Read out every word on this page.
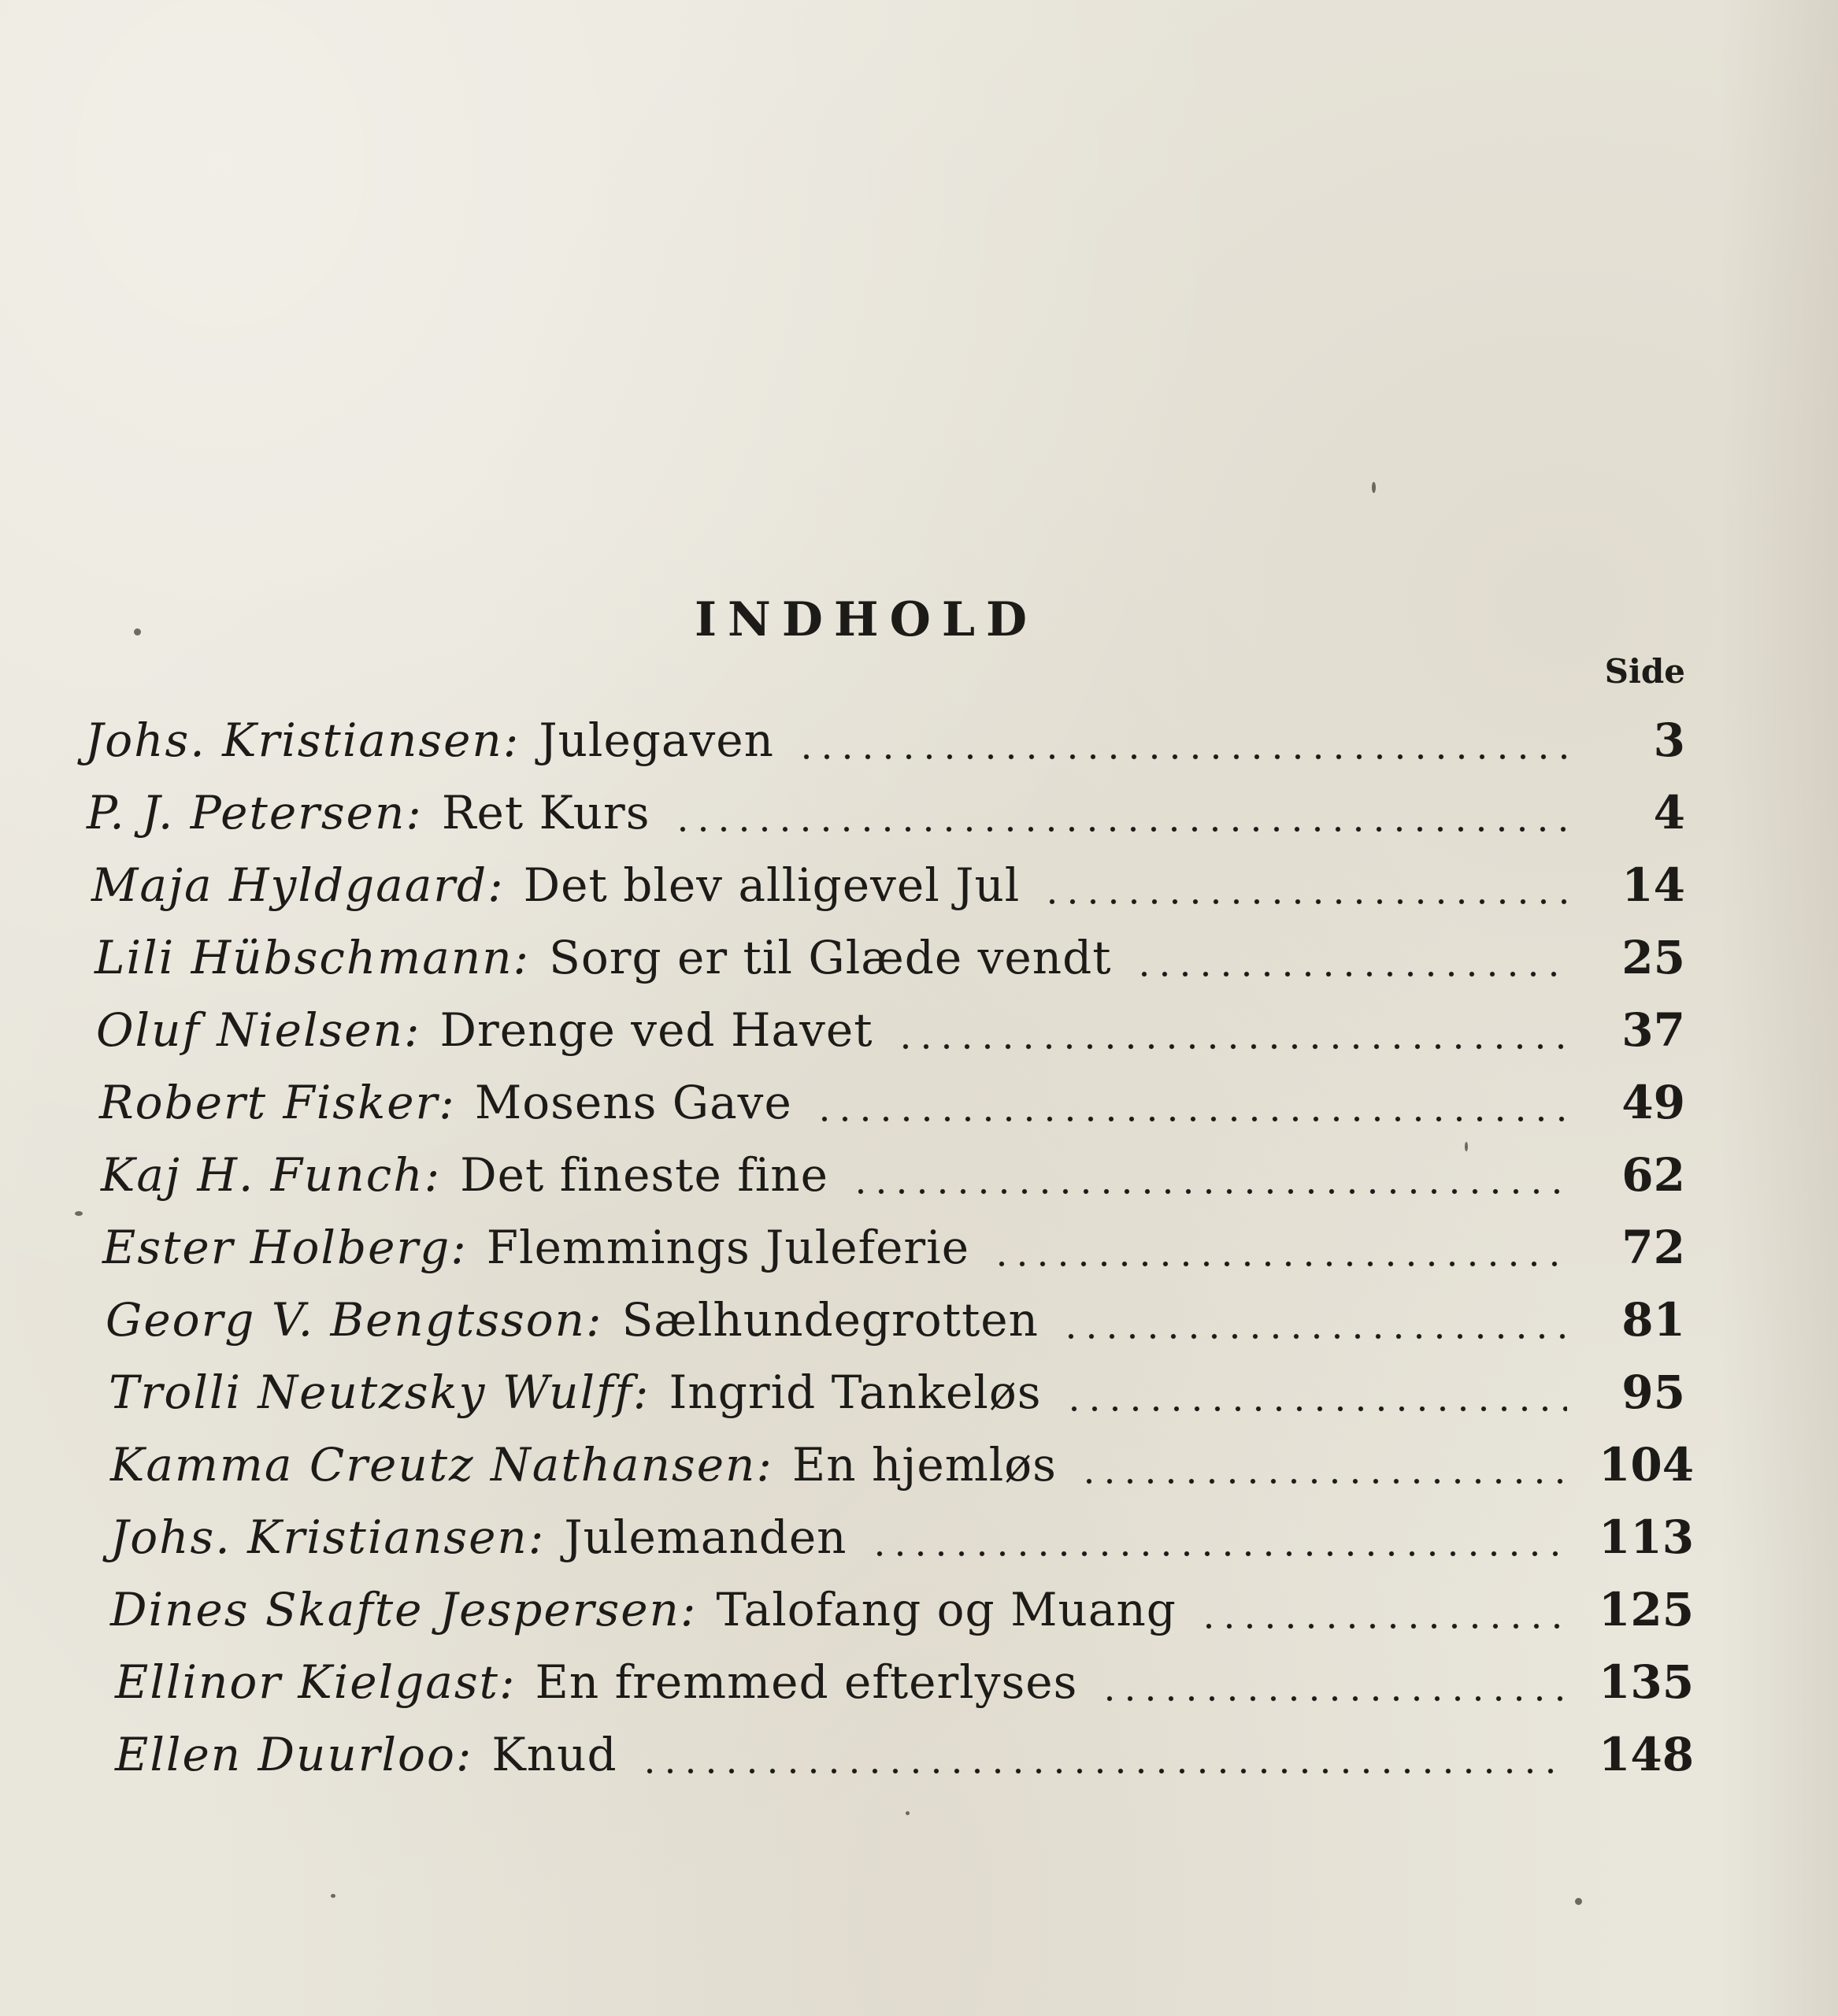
INDHOLD
Side
Johs. Kristiansen: Julegaven	3
P. J. Petersen: Ret Kurs	4
Maja Hyldgaard: Det blev alligevel Jul	14
Lili Hübschmann: Sorg er til Glæde vendt	25
Oluf Nielsen: Drenge ved Havet	37
Robert Fisker: Mosens Gave	49
Kaj H. Funch: Det fineste fine	62
Ester Holberg: Flemmings Juleferie	72
Georg V. Bengtsson: Sælhundegrotten	81
Trolli Neutzsky Wulff: Ingrid Tankeløs	95
Kamma Creutz Nathansen: En hjemløs	104
Johs. Kristiansen: Julemanden	113
Dines Skafte Jespersen: Talofang og Muang	125
Ellinor Kielgast: En fremmed efterlyses	135
Ellen Duurloo: Knud	148
